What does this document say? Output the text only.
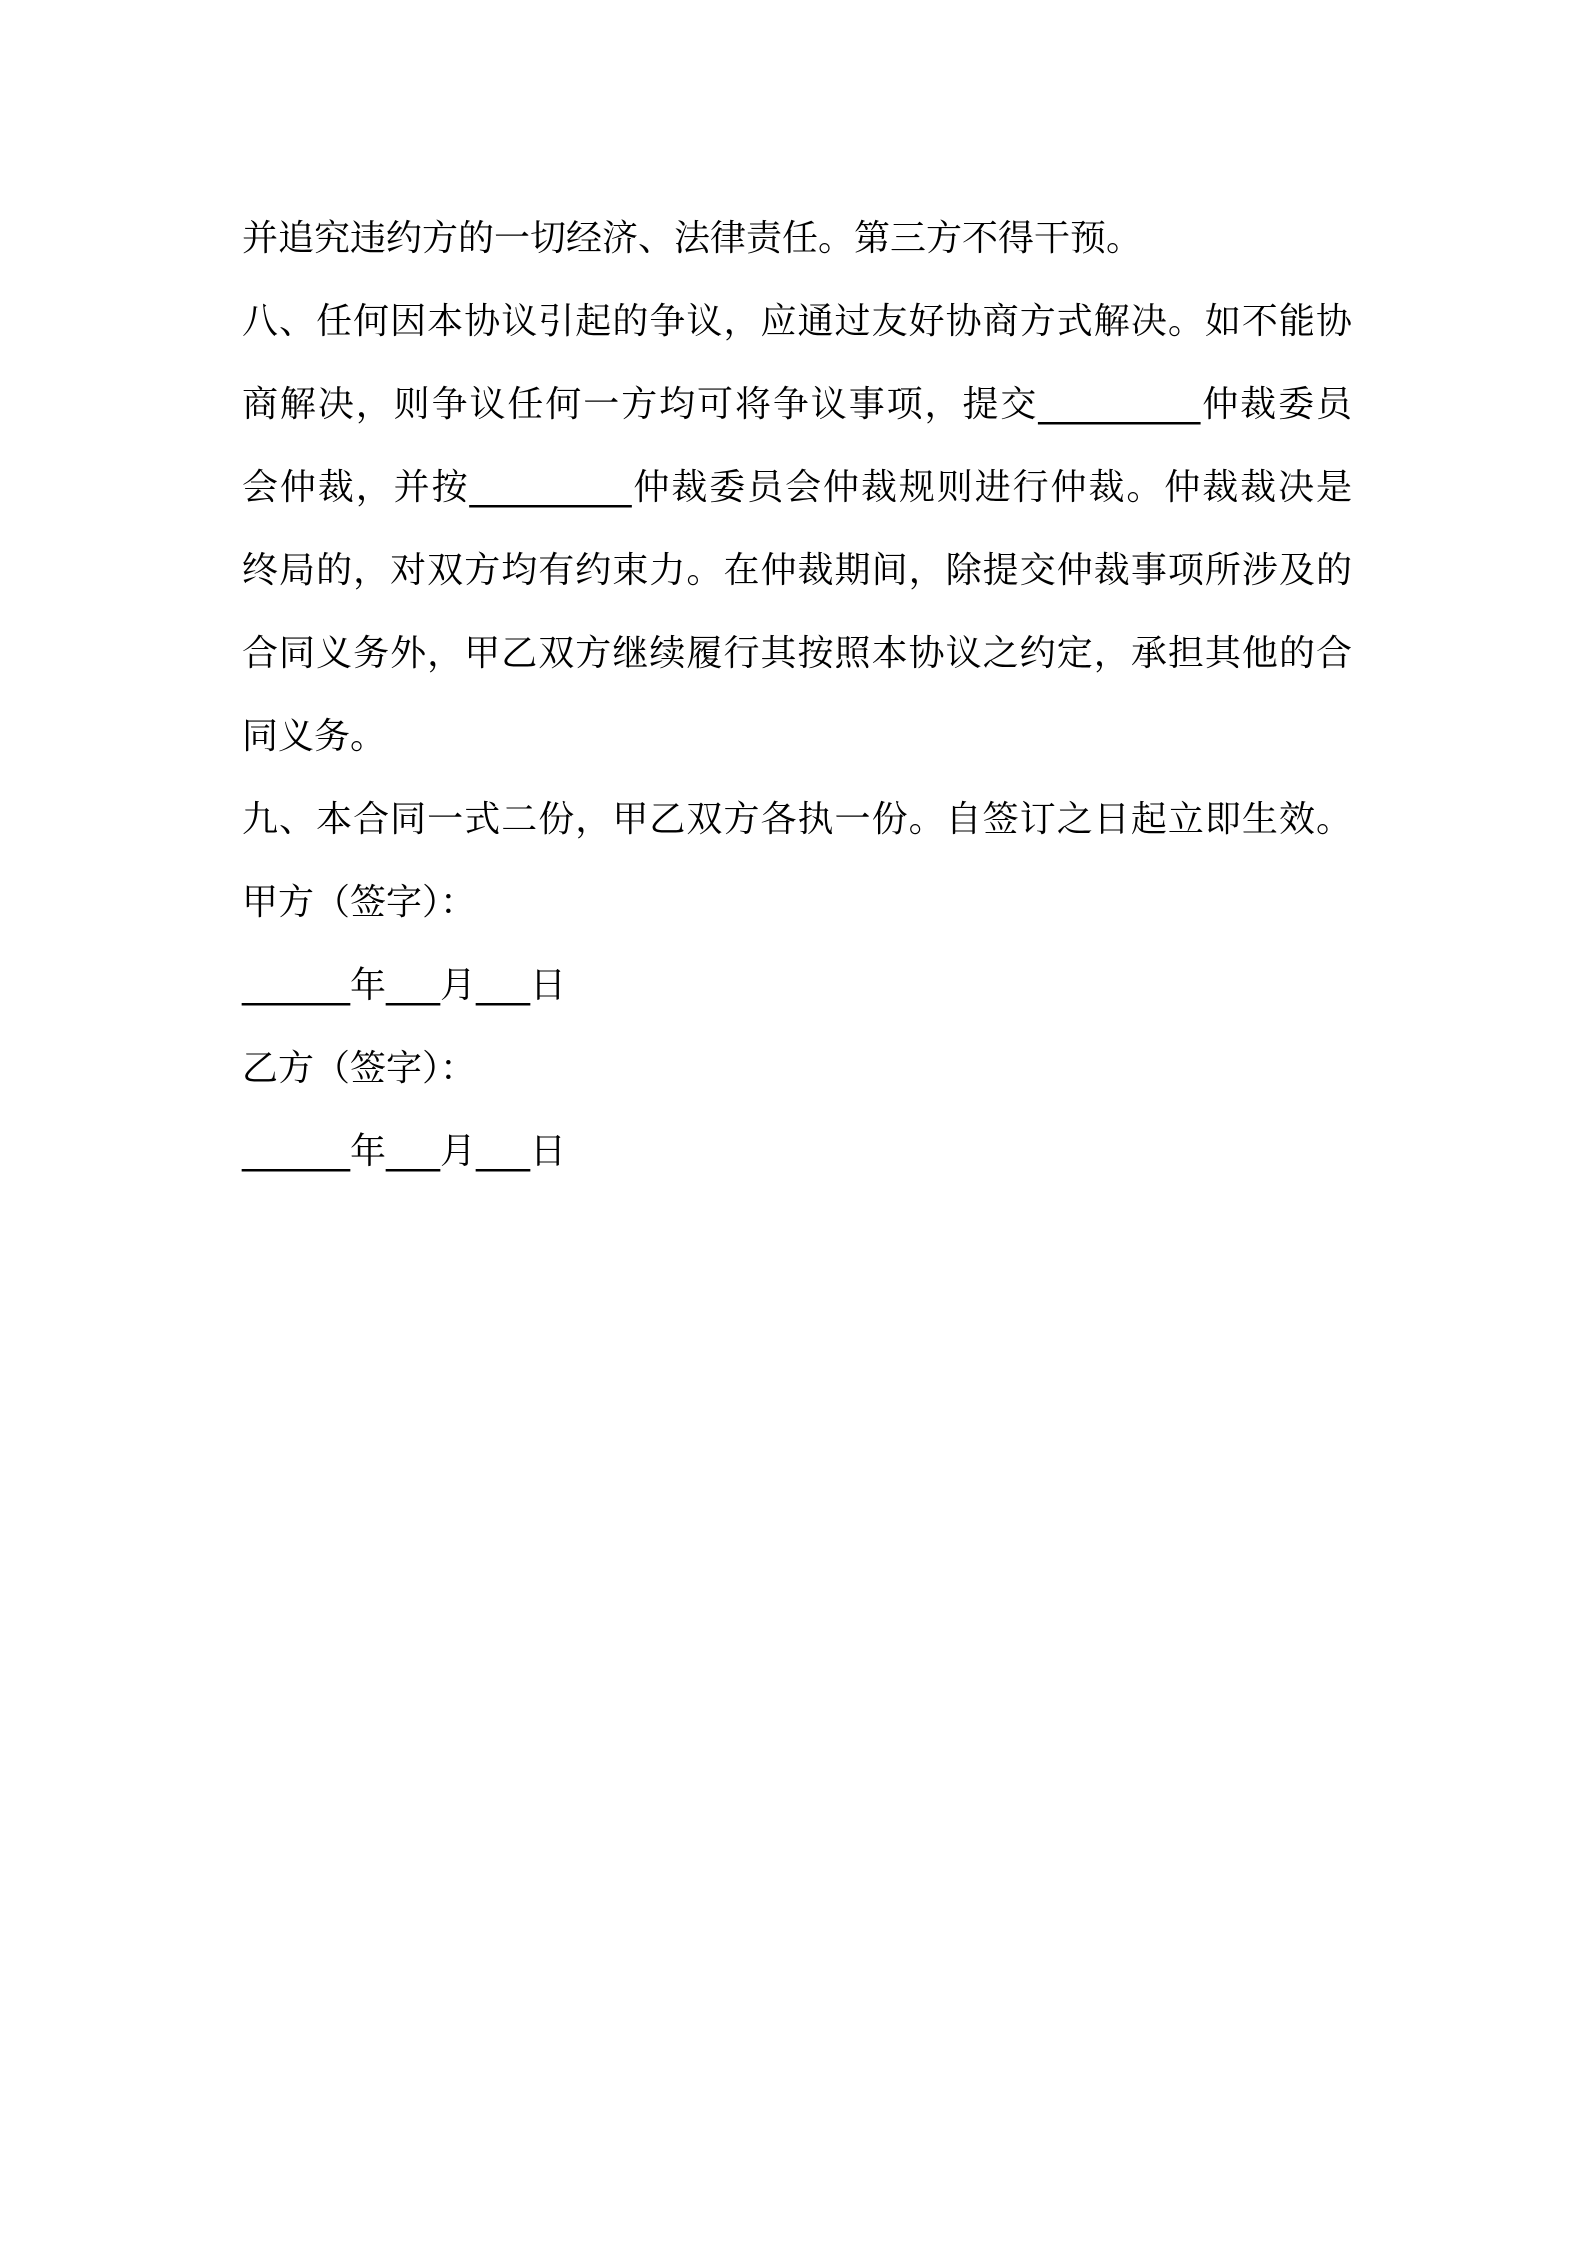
并追究违约方的一切经济、法律责任。第三方不得干预。
八、任何因本协议引起的争议，应通过友好协商方式解决。如不能协
商解决，则争议任何一方均可将争议事项，提交_________仲裁委员
会仲裁，并按_________仲裁委员会仲裁规则进行仲裁。仲裁裁决是
终局的，对双方均有约束力。在仲裁期间，除提交仲裁事项所涉及的
合同义务外，甲乙双方继续履行其按照本协议之约定，承担其他的合
同义务。
九、本合同一式二份，甲乙双方各执一份。自签订之日起立即生效。
甲方（签字）：
______年___月___日
乙方（签字）：
______年___月___日
